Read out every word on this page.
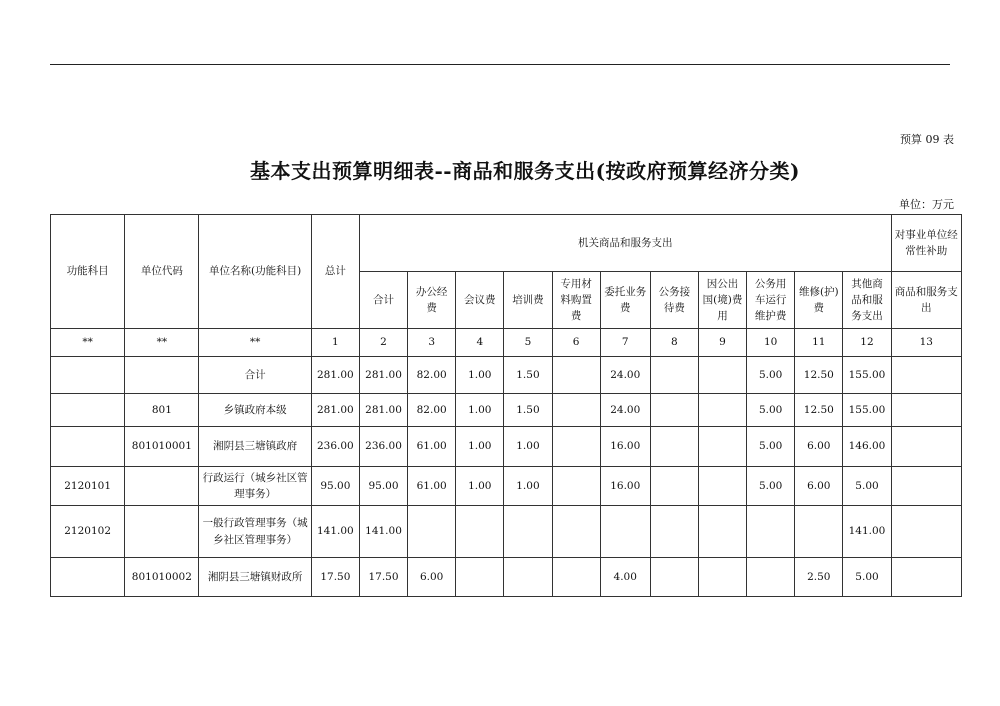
预算 09 表
基本支出预算明细表--商品和服务支出(按政府预算经济分类)
单位：万元
功能科目	单位代码	单位名称(功能科目)	总计	机关商品和服务支出											对事业单位经常性补助
				合计	办公经费	会议费	培训费	专用材料购置费	委托业务费	公务接待费	因公出国(境)费用	公务用车运行维护费	维修(护)费	其他商品和服务支出	商品和服务支出
**	**	**	1	2	3	4	5	6	7	8	9	10	11	12	13
		合计	281.00	281.00	82.00	1.00	1.50		24.00			5.00	12.50	155.00	
	801	乡镇政府本级	281.00	281.00	82.00	1.00	1.50		24.00			5.00	12.50	155.00	
	801010001	湘阴县三塘镇政府	236.00	236.00	61.00	1.00	1.00		16.00			5.00	6.00	146.00	
2120101		行政运行（城乡社区管理事务）	95.00	95.00	61.00	1.00	1.00		16.00			5.00	6.00	5.00	
2120102		一般行政管理事务（城乡社区管理事务）	141.00	141.00										141.00	
	801010002	湘阴县三塘镇财政所	17.50	17.50	6.00				4.00				2.50	5.00	
